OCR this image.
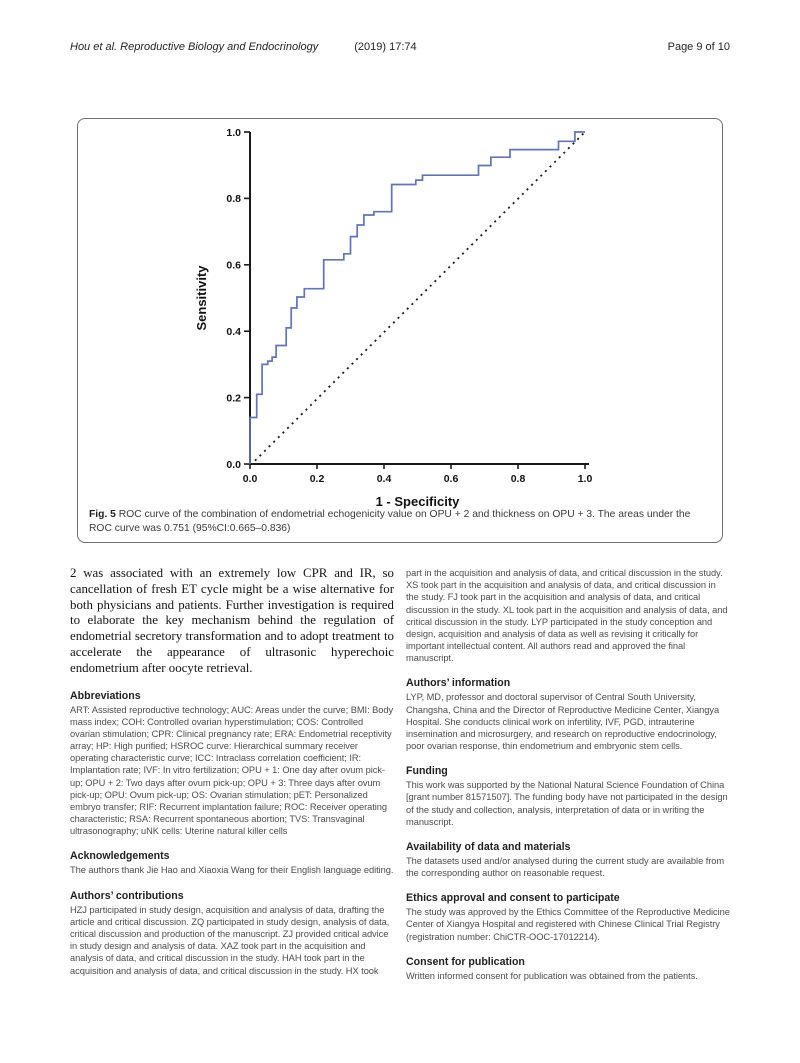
Hou et al. Reproductive Biology and Endocrinology	(2019) 17:74	Page 9 of 10
0.0	0.2	0.4	0.6	0.8	1.0
0.0
0.2
0.4
0.6
0.8
1.0
1 - Specificity
Sensitivity
Fig. 5 ROC curve of the combination of endometrial echogenicity value on OPU + 2 and thickness on OPU + 3. The areas under the ROC curve was 0.751 (95%CI:0.665–0.836)

2 was associated with an extremely low CPR and IR, so cancellation of fresh ET cycle might be a wise alternative for both physicians and patients. Further investigation is required to elaborate the key mechanism behind the regulation of endometrial secretory transformation and to adopt treatment to accelerate the appearance of ultrasonic hyperechoic endometrium after oocyte retrieval.

Abbreviations
ART: Assisted reproductive technology; AUC: Areas under the curve; BMI: Body mass index; COH: Controlled ovarian hyperstimulation; COS: Controlled ovarian stimulation; CPR: Clinical pregnancy rate; ERA: Endometrial receptivity array; HP: High purified; HSROC curve: Hierarchical summary receiver operating characteristic curve; ICC: Intraclass correlation coefficient; IR: Implantation rate; IVF: In vitro fertilization; OPU + 1: One day after ovum pick-up; OPU + 2: Two days after ovum pick-up; OPU + 3: Three days after ovum pick-up; OPU: Ovum pick-up; OS: Ovarian stimulation; pET: Personalized embryo transfer; RIF: Recurrent implantation failure; ROC: Receiver operating characteristic; RSA: Recurrent spontaneous abortion; TVS: Transvaginal ultrasonography; uNK cells: Uterine natural killer cells
Acknowledgements
The authors thank Jie Hao and Xiaoxia Wang for their English language editing.
Authors’ contributions
HZJ participated in study design, acquisition and analysis of data, drafting the article and critical discussion. ZQ participated in study design, analysis of data, critical discussion and production of the manuscript. ZJ provided critical advice in study design and analysis of data. XAZ took part in the acquisition and analysis of data, and critical discussion in the study. HAH took part in the acquisition and analysis of data, and critical discussion in the study. HX took
part in the acquisition and analysis of data, and critical discussion in the study. XS took part in the acquisition and analysis of data, and critical discussion in the study. FJ took part in the acquisition and analysis of data, and critical discussion in the study. XL took part in the acquisition and analysis of data, and critical discussion in the study. LYP participated in the study conception and design, acquisition and analysis of data as well as revising it critically for important intellectual content. All authors read and approved the final manuscript.
Authors’ information
LYP, MD, professor and doctoral supervisor of Central South University, Changsha, China and the Director of Reproductive Medicine Center, Xiangya Hospital. She conducts clinical work on infertility, IVF, PGD, intrauterine insemination and microsurgery, and research on reproductive endocrinology, poor ovarian response, thin endometrium and embryonic stem cells.
Funding
This work was supported by the National Natural Science Foundation of China [grant number 81571507]. The funding body have not participated in the design of the study and collection, analysis, interpretation of data or in writing the manuscript.
Availability of data and materials
The datasets used and/or analysed during the current study are available from the corresponding author on reasonable request.
Ethics approval and consent to participate
The study was approved by the Ethics Committee of the Reproductive Medicine Center of Xiangya Hospital and registered with Chinese Clinical Trial Registry (registration number: ChiCTR-OOC-17012214).
Consent for publication
Written informed consent for publication was obtained from the patients.
